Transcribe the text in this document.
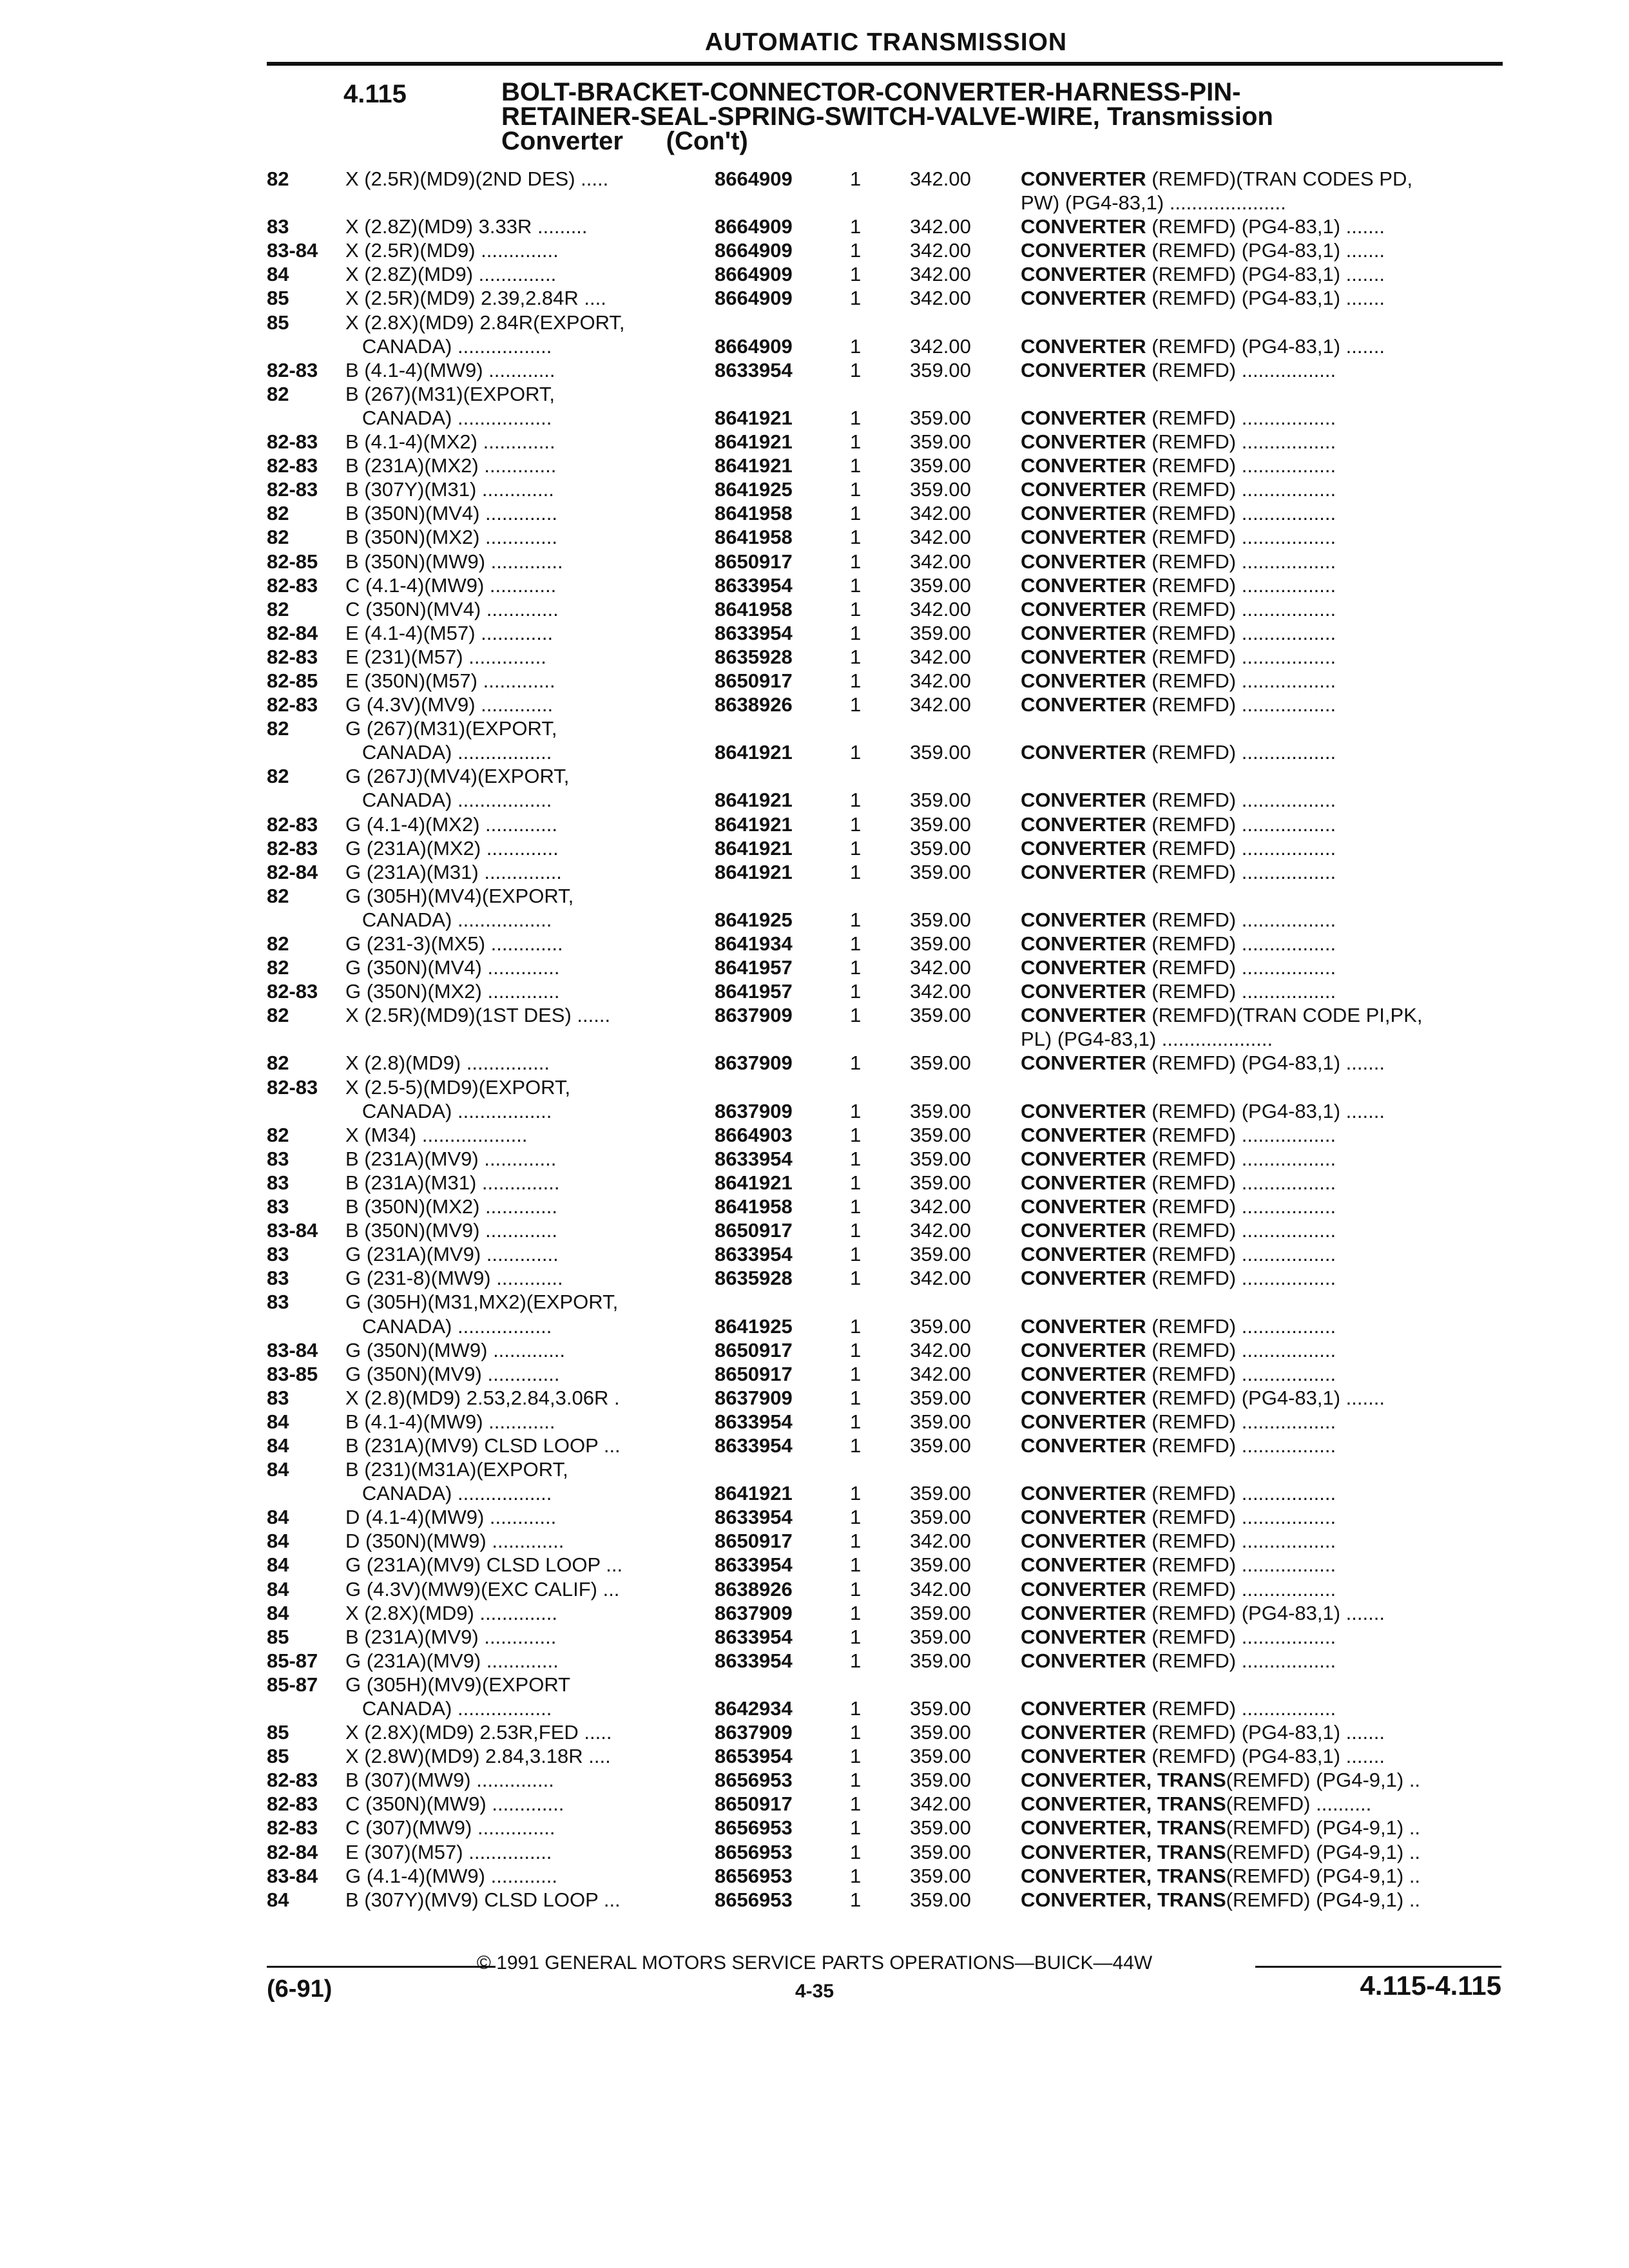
AUTOMATIC TRANSMISSION
4.115	BOLT-BRACKET-CONNECTOR-CONVERTER-HARNESS-PIN-
RETAINER-SEAL-SPRING-SWITCH-VALVE-WIRE, Transmission
Converter      (Con't)
82	X (2.5R)(MD9)(2ND DES) .....	8664909	1 342.00 CONVERTER (REMFD)(TRAN CODES PD,
PW) (PG4-83,1) .....................
83	X (2.8Z)(MD9) 3.33R .........	8664909	1 342.00 CONVERTER (REMFD) (PG4-83,1) .......
83-84 X (2.5R)(MD9) ..............	8664909	1 342.00 CONVERTER (REMFD) (PG4-83,1) .......
84	X (2.8Z)(MD9) ..............	8664909	1 342.00 CONVERTER (REMFD) (PG4-83,1) .......
85	X (2.5R)(MD9) 2.39,2.84R ....	8664909	1 342.00 CONVERTER (REMFD) (PG4-83,1) .......
85	X (2.8X)(MD9) 2.84R(EXPORT,
CANADA) .................	8664909	1 342.00 CONVERTER (REMFD) (PG4-83,1) .......
82-83 B (4.1-4)(MW9) ............	8633954	1 359.00 CONVERTER (REMFD) .................
82	B (267)(M31)(EXPORT,
CANADA) .................	8641921	1 359.00 CONVERTER (REMFD) .................
82-83 B (4.1-4)(MX2) .............	8641921	1 359.00 CONVERTER (REMFD) .................
82-83 B (231A)(MX2) .............	8641921	1 359.00 CONVERTER (REMFD) .................
82-83 B (307Y)(M31) .............	8641925	1 359.00 CONVERTER (REMFD) .................
82	B (350N)(MV4) .............	8641958	1 342.00 CONVERTER (REMFD) .................
82	B (350N)(MX2) .............	8641958	1 342.00 CONVERTER (REMFD) .................
82-85 B (350N)(MW9) .............	8650917	1 342.00 CONVERTER (REMFD) .................
82-83 C (4.1-4)(MW9) ............	8633954	1 359.00 CONVERTER (REMFD) .................
82	C (350N)(MV4) .............	8641958	1 342.00 CONVERTER (REMFD) .................
82-84 E (4.1-4)(M57) .............	8633954	1 359.00 CONVERTER (REMFD) .................
82-83 E (231)(M57) ..............	8635928	1 342.00 CONVERTER (REMFD) .................
82-85 E (350N)(M57) .............	8650917	1 342.00 CONVERTER (REMFD) .................
82-83 G (4.3V)(MV9) .............	8638926	1 342.00 CONVERTER (REMFD) .................
82	G (267)(M31)(EXPORT,
CANADA) .................	8641921	1 359.00 CONVERTER (REMFD) .................
82	G (267J)(MV4)(EXPORT,
CANADA) .................	8641921	1 359.00 CONVERTER (REMFD) .................
82-83 G (4.1-4)(MX2) .............	8641921	1 359.00 CONVERTER (REMFD) .................
82-83 G (231A)(MX2) .............	8641921	1 359.00 CONVERTER (REMFD) .................
82-84 G (231A)(M31) ..............	8641921	1 359.00 CONVERTER (REMFD) .................
82	G (305H)(MV4)(EXPORT,
CANADA) .................	8641925	1 359.00 CONVERTER (REMFD) .................
82	G (231-3)(MX5) .............	8641934	1 359.00 CONVERTER (REMFD) .................
82	G (350N)(MV4) .............	8641957	1 342.00 CONVERTER (REMFD) .................
82-83 G (350N)(MX2) .............	8641957	1 342.00 CONVERTER (REMFD) .................
82	X (2.5R)(MD9)(1ST DES) ......	8637909	1 359.00 CONVERTER (REMFD)(TRAN CODE PI,PK,
PL) (PG4-83,1) ....................
82	X (2.8)(MD9) ...............	8637909	1 359.00 CONVERTER (REMFD) (PG4-83,1) .......
82-83 X (2.5-5)(MD9)(EXPORT,
CANADA) .................	8637909	1 359.00 CONVERTER (REMFD) (PG4-83,1) .......
82	X (M34) ...................	8664903	1 359.00 CONVERTER (REMFD) .................
83	B (231A)(MV9) .............	8633954	1 359.00 CONVERTER (REMFD) .................
83	B (231A)(M31) ..............	8641921	1 359.00 CONVERTER (REMFD) .................
83	B (350N)(MX2) .............	8641958	1 342.00 CONVERTER (REMFD) .................
83-84 B (350N)(MV9) .............	8650917	1 342.00 CONVERTER (REMFD) .................
83	G (231A)(MV9) .............	8633954	1 359.00 CONVERTER (REMFD) .................
83	G (231-8)(MW9) ............	8635928	1 342.00 CONVERTER (REMFD) .................
83	G (305H)(M31,MX2)(EXPORT,
CANADA) .................	8641925	1 359.00 CONVERTER (REMFD) .................
83-84 G (350N)(MW9) .............	8650917	1 342.00 CONVERTER (REMFD) .................
83-85 G (350N)(MV9) .............	8650917	1 342.00 CONVERTER (REMFD) .................
83	X (2.8)(MD9) 2.53,2.84,3.06R .	8637909	1 359.00 CONVERTER (REMFD) (PG4-83,1) .......
84	B (4.1-4)(MW9) ............	8633954	1 359.00 CONVERTER (REMFD) .................
84	B (231A)(MV9) CLSD LOOP ...	8633954	1 359.00 CONVERTER (REMFD) .................
84	B (231)(M31A)(EXPORT,
CANADA) .................	8641921	1 359.00 CONVERTER (REMFD) .................
84	D (4.1-4)(MW9) ............	8633954	1 359.00 CONVERTER (REMFD) .................
84	D (350N)(MW9) .............	8650917	1 342.00 CONVERTER (REMFD) .................
84	G (231A)(MV9) CLSD LOOP ...	8633954	1 359.00 CONVERTER (REMFD) .................
84	G (4.3V)(MW9)(EXC CALIF) ...	8638926	1 342.00 CONVERTER (REMFD) .................
84	X (2.8X)(MD9) ..............	8637909	1 359.00 CONVERTER (REMFD) (PG4-83,1) .......
85	B (231A)(MV9) .............	8633954	1 359.00 CONVERTER (REMFD) .................
85-87 G (231A)(MV9) .............	8633954	1 359.00 CONVERTER (REMFD) .................
85-87 G (305H)(MV9)(EXPORT
CANADA) .................	8642934	1 359.00 CONVERTER (REMFD) .................
85	X (2.8X)(MD9) 2.53R,FED .....	8637909	1 359.00 CONVERTER (REMFD) (PG4-83,1) .......
85	X (2.8W)(MD9) 2.84,3.18R ....	8653954	1 359.00 CONVERTER (REMFD) (PG4-83,1) .......
82-83 B (307)(MW9) ..............	8656953	1 359.00 CONVERTER, TRANS(REMFD) (PG4-9,1) ..
82-83 C (350N)(MW9) .............	8650917	1 342.00 CONVERTER, TRANS(REMFD) ..........
82-83 C (307)(MW9) ..............	8656953	1 359.00 CONVERTER, TRANS(REMFD) (PG4-9,1) ..
82-84 E (307)(M57) ...............	8656953	1 359.00 CONVERTER, TRANS(REMFD) (PG4-9,1) ..
83-84 G (4.1-4)(MW9) ............	8656953	1 359.00 CONVERTER, TRANS(REMFD) (PG4-9,1) ..
84	B (307Y)(MV9) CLSD LOOP ...	8656953	1 359.00 CONVERTER, TRANS(REMFD) (PG4-9,1) ..
© 1991 GENERAL MOTORS SERVICE PARTS OPERATIONS—BUICK—44W
(6-91)	4-35	4.115-4.115
